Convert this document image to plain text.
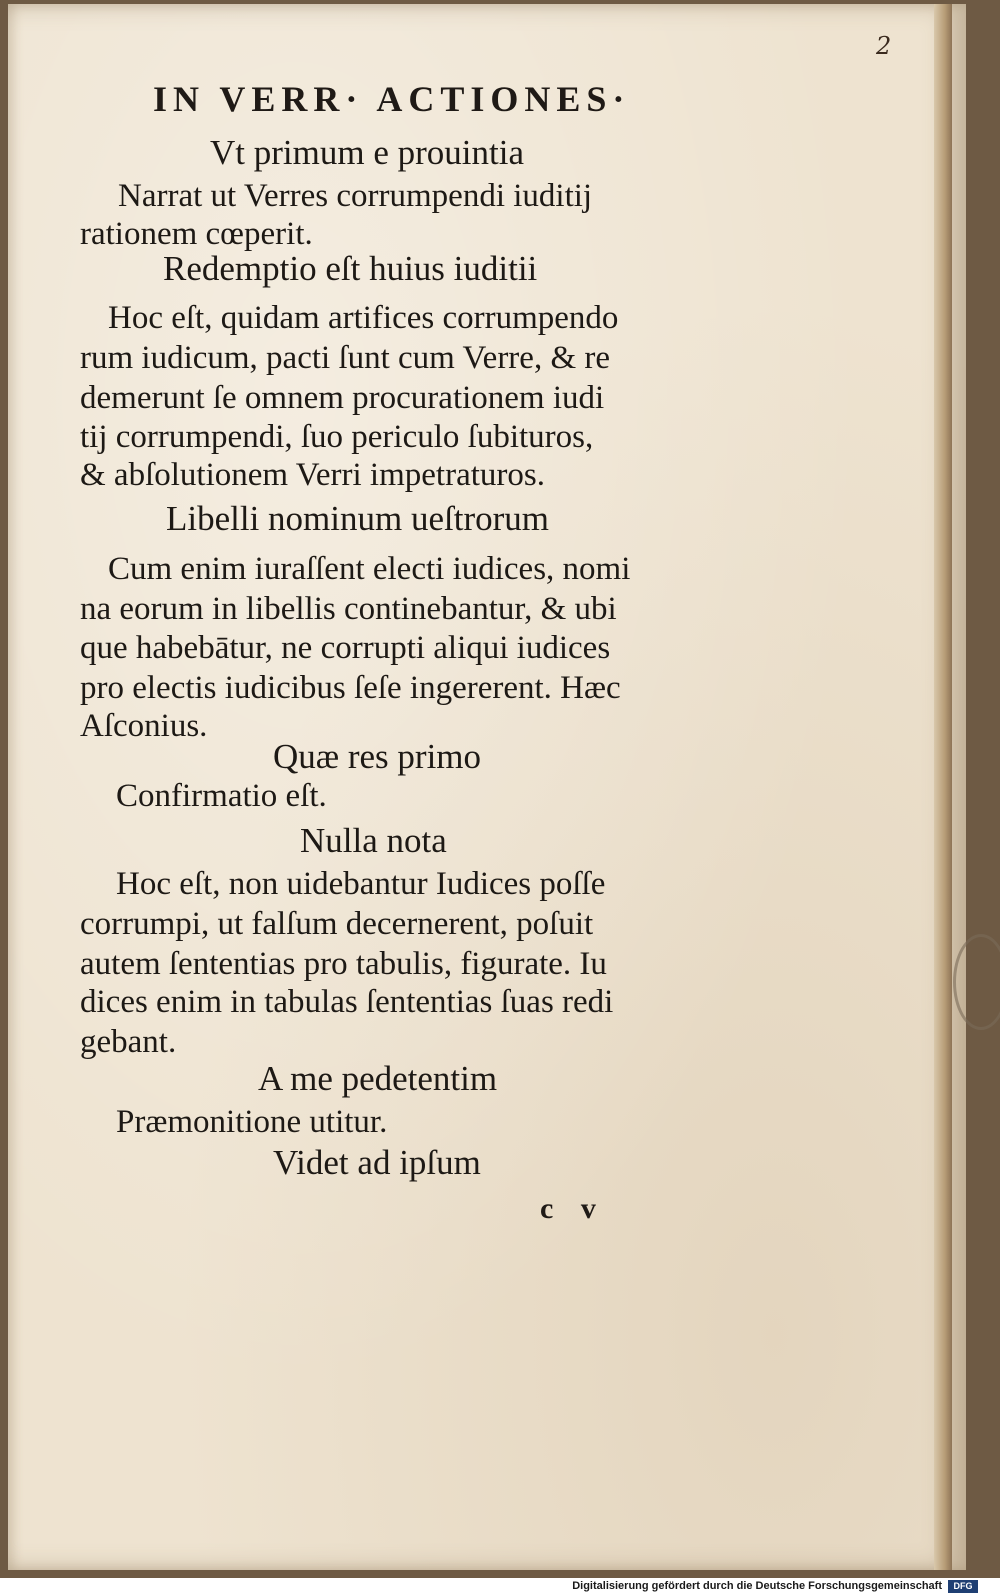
2
IN VERR· ACTIONES·
Vt primum e prouintia
Narrat ut Verres corrumpendi iuditij
rationem cœperit.
Redemptio eſt huius iuditii
Hoc eſt, quidam artifices corrumpendo
rum iudicum, pacti ſunt cum Verre, & re
demerunt ſe omnem procurationem iudi
tij corrumpendi, ſuo periculo ſubituros,
& abſolutionem Verri impetraturos.
Libelli nominum ueſtrorum
Cum enim iuraſſent electi iudices, nomi
na eorum in libellis continebantur, & ubi
que habebātur, ne corrupti aliqui iudices
pro electis iudicibus ſeſe ingererent. Hæc
Aſconius.
Quæ res primo
Confirmatio eſt.
Nulla nota
Hoc eſt, non uidebantur Iudices poſſe
corrumpi, ut falſum decernerent, poſuit
autem ſententias pro tabulis, figurate. Iu
dices enim in tabulas ſententias ſuas redi
gebant.
A me pedetentim
Præmonitione utitur.
Videt ad ipſum
c v
Digitalisierung gefördert durch die Deutsche Forschungsgemeinschaft	DFG
